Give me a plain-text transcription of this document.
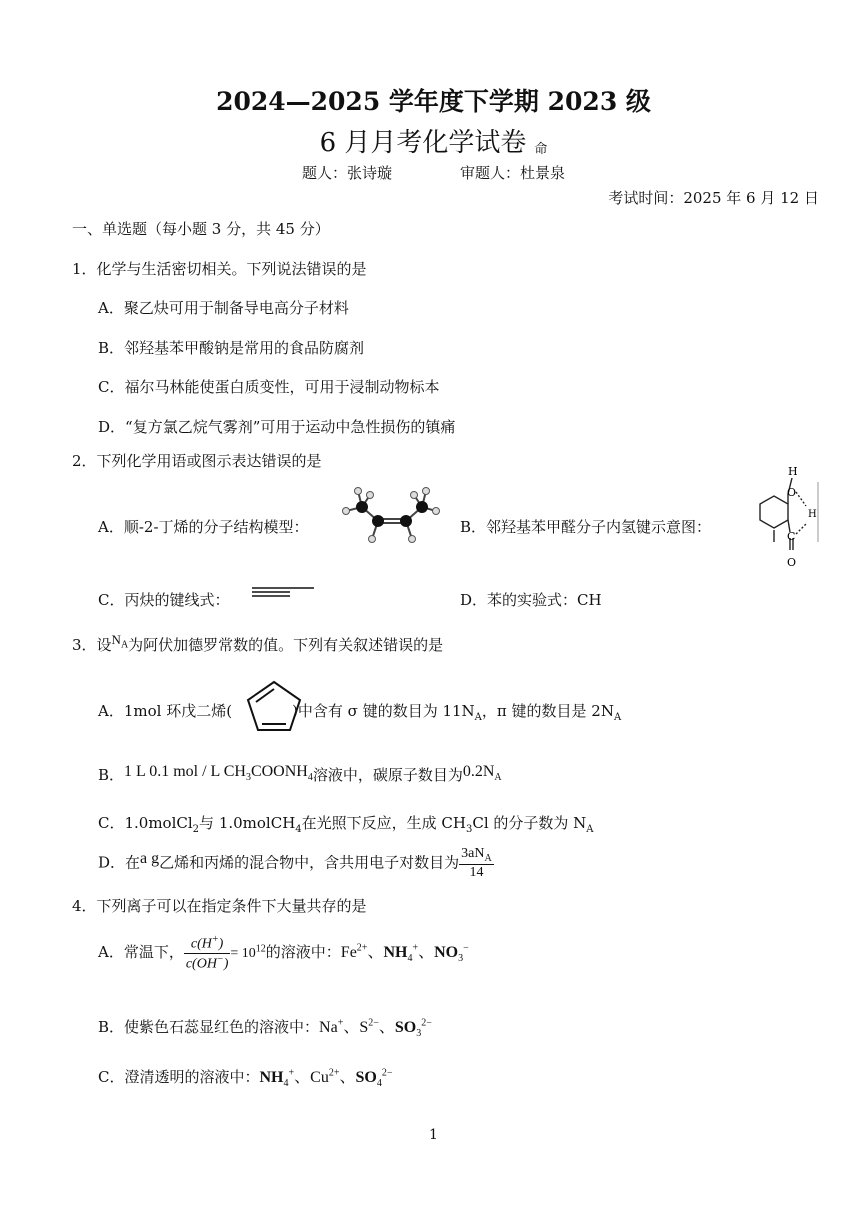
2024—2025 学年度下学期 2023 级
6 月月考化学试卷 命
题人：张诗璇	审题人：杜景泉
考试时间：2025 年 6 月 12 日
一、单选题（每小题 3 分，共 45 分）
1．化学与生活密切相关。下列说法错误的是
A．聚乙炔可用于制备导电高分子材料
B．邻羟基苯甲酸钠是常用的食品防腐剂
C．福尔马林能使蛋白质变性，可用于浸制动物标本
D．“复方氯乙烷气雾剂”可用于运动中急性损伤的镇痛
2．下列化学用语或图示表达错误的是
A．顺-2-丁烯的分子结构模型：	B．邻羟基苯甲醛分子内氢键示意图：
H
O
H
C
O
C．丙炔的键线式：	D．苯的实验式：CH
3．设$N_A$为阿伏加德罗常数的值。下列有关叙述错误的是
A．1mol 环戊二烯(	)中含有 σ 键的数目为 $11N_A$，π 键的数目是 $2N_A$
B．1 L 0.1 mol / L $CH_3COONH_4$溶液中，碳原子数目为$0.2N_A$
C．1.0molCl$_2$与 1.0molCH$_4$在光照下反应，生成 $CH_3Cl$ 的分子数为 $N_A$
D．在a g乙烯和丙烯的混合物中，含共用电子对数目为 $\frac{3aN_A}{14}$
4．下列离子可以在指定条件下大量共存的是
A．常温下， $\frac{c(H^+)}{c(OH^-)} = 10^{12}$的溶液中：$Fe^{2+}$、$NH_4^+$、$NO_3^-$
B．使紫色石蕊显红色的溶液中：Na+、$S^{2-}$、$SO_3^{2-}$
C．澄清透明的溶液中：$NH_4^+$、$Cu^{2+}$、$SO_4^{2-}$
1
